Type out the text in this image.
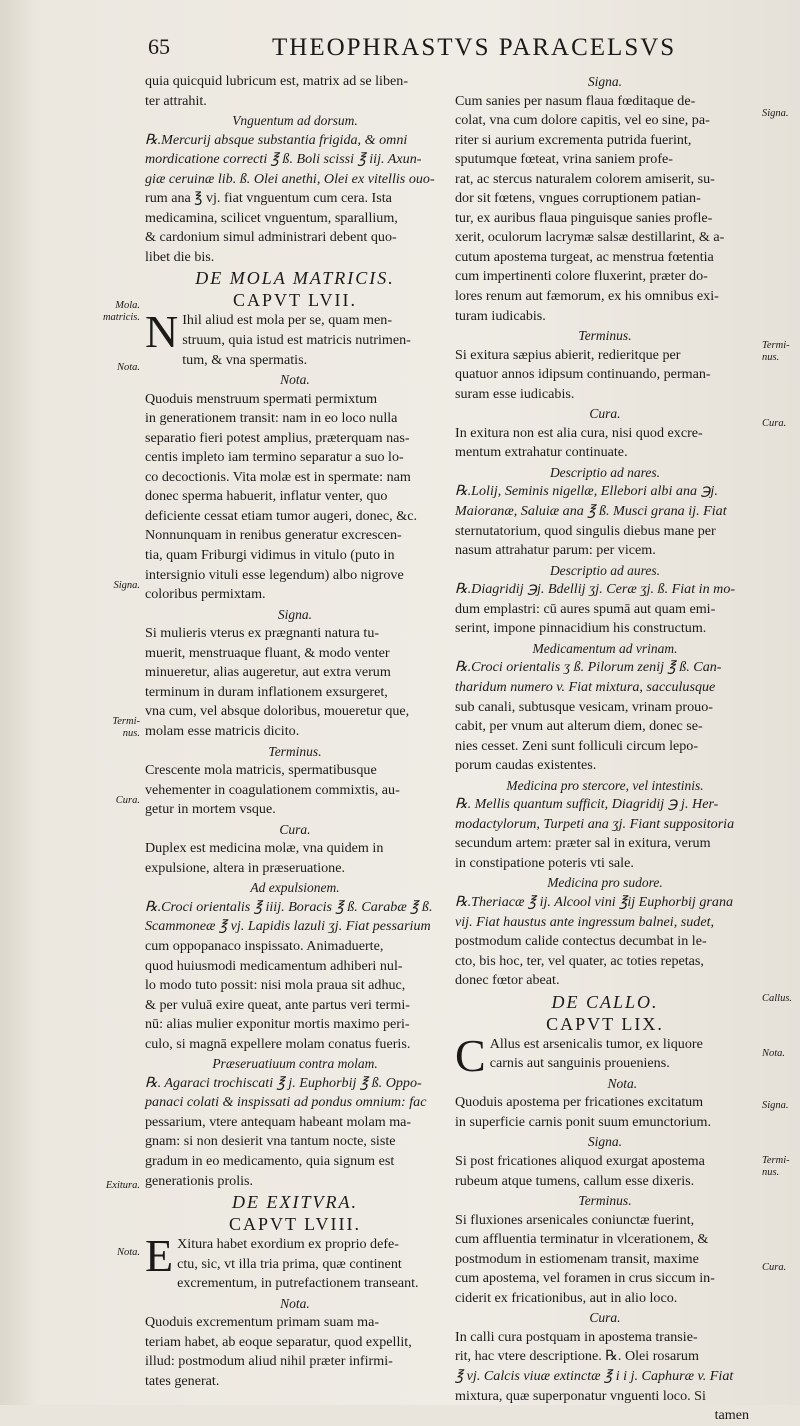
65	THEOPHRASTVS PARACELSVS
quia quicquid lubricum est, matrix ad se liben-
ter attrahit.
Vnguentum ad dorsum.
℞.Mercurij absque substantia frigida, & omni
mordicatione correcti ℥ ß. Boli scissi ℥ iij. Axun-
giæ ceruinæ lib. ß. Olei anethi, Olei ex vitellis ouo-
rum ana ℥ vj. fiat vnguentum cum cera. Ista
medicamina, scilicet vnguentum, sparallium,
& cardonium simul administrari debent quo-
libet die bis.
DE MOLA MATRICIS.
CAPVT LVII.
N Ihil aliud est mola per se, quam men-
struum, quia istud est matricis nutrimen-
tum, & vna spermatis.
Nota.
Quoduis menstruum spermati permixtum
in generationem transit: nam in eo loco nulla
separatio fieri potest amplius, præterquam nas-
centis impleto iam termino separatur a suo lo-
co decoctionis. Vita molæ est in spermate: nam
donec sperma habuerit, inflatur venter, quo
deficiente cessat etiam tumor augeri, donec, &c.
Nonnunquam in renibus generatur excrescen-
tia, quam Friburgi vidimus in vitulo (puto in
intersignio vituli esse legendum) albo nigrove
coloribus permixtam.
Signa.
Si mulieris vterus ex prægnanti natura tu-
muerit, menstruaque fluant, & modo venter
minueretur, alias augeretur, aut extra verum
terminum in duram inflationem exsurgeret,
vna cum, vel absque doloribus, moueretur que,
molam esse matricis dicito.
Terminus.
Crescente mola matricis, spermatibusque
vehementer in coagulationem commixtis, au-
getur in mortem vsque.
Cura.
Duplex est medicina molæ, vna quidem in
expulsione, altera in præseruatione.
Ad expulsionem.
℞.Croci orientalis ℥ iiij. Boracis ℥ ß. Carabæ ℥ ß.
Scammoneæ ℥ vj. Lapidis lazuli ʒj. Fiat pessarium
cum oppopanaco inspissato. Animaduerte,
quod huiusmodi medicamentum adhiberi nul-
lo modo tuto possit: nisi mola praua sit adhuc,
& per vuluā exire queat, ante partus veri termi-
nū: alias mulier exponitur mortis maximo peri-
culo, si magnā expellere molam conatus fueris.
Præseruatiuum contra molam.
℞. Agaraci trochiscati ℥ j. Euphorbij ℥ ß. Oppo-
panaci colati & inspissati ad pondus omnium: fac
pessarium, vtere antequam habeant molam ma-
gnam: si non desierit vna tantum nocte, siste
gradum in eo medicamento, quia signum est
generationis prolis.
DE EXITVRA.
CAPVT LVIII.
E Xitura habet exordium ex proprio defe-
ctu, sic, vt illa tria prima, quæ continent
excrementum, in putrefactionem transeant.
Nota.
Quoduis excrementum primam suam ma-
teriam habet, ab eoque separatur, quod expellit,
illud: postmodum aliud nihil præter infirmi-
tates generat.
Signa.
Cum sanies per nasum flaua fœditaque de-
colat, vna cum dolore capitis, vel eo sine, pa-
riter si aurium excrementa putrida fuerint,
sputumque fœteat, vrina saniem profe-
rat, ac stercus naturalem colorem amiserit, su-
dor sit fœtens, vngues corruptionem patian-
tur, ex auribus flaua pinguisque sanies profle-
xerit, oculorum lacrymæ salsæ destillarint, & a-
cutum apostema turgeat, ac menstrua fœtentia
cum impertinenti colore fluxerint, præter do-
lores renum aut fæmorum, ex his omnibus exi-
turam iudicabis.
Terminus.
Si exitura sæpius abierit, redieritque per
quatuor annos idipsum continuando, perman-
suram esse iudicabis.
Cura.
In exitura non est alia cura, nisi quod excre-
mentum extrahatur continuate.
Descriptio ad nares.
℞.Lolij, Seminis nigellæ, Ellebori albi ana ℈j.
Maioranæ, Saluiæ ana ℥ ß. Musci grana ij. Fiat
sternutatorium, quod singulis diebus mane per
nasum attrahatur parum: per vicem.
Descriptio ad aures.
℞.Diagridij ℈j. Bdellij ʒj. Ceræ ʒj. ß. Fiat in mo-
dum emplastri: cū aures spumā aut quam emi-
serint, impone pinnacidium his constructum.
Medicamentum ad vrinam.
℞.Croci orientalis ʒ ß. Pilorum zenij ℥ ß. Can-
tharidum numero v. Fiat mixtura, sacculusque
sub canali, subtusque vesicam, vrinam prouo-
cabit, per vnum aut alterum diem, donec se-
nies cesset. Zeni sunt folliculi circum lepo-
porum caudas existentes.
Medicina pro stercore, vel intestinis.
℞. Mellis quantum sufficit, Diagridij ℈ j. Her-
modactylorum, Turpeti ana ʒj. Fiant suppositoria
secundum artem: præter sal in exitura, verum
in constipatione poteris vti sale.
Medicina pro sudore.
℞.Theriacæ ℥ ij. Alcool vini ℥ij Euphorbij grana
vij. Fiat haustus ante ingressum balnei, sudet,
postmodum calide contectus decumbat in le-
cto, bis hoc, ter, vel quater, ac toties repetas,
donec fœtor abeat.
DE CALLO.
CAPVT LIX.
C Allus est arsenicalis tumor, ex liquore
carnis aut sanguinis proueniens.
Nota.
Quoduis apostema per fricationes excitatum
in superficie carnis ponit suum emunctorium.
Signa.
Si post fricationes aliquod exurgat apostema
rubeum atque tumens, callum esse dixeris.
Terminus.
Si fluxiones arsenicales coniunctæ fuerint,
cum affluentia terminatur in vlcerationem, &
postmodum in estiomenam transit, maxime
cum apostema, vel foramen in crus siccum in-
ciderit ex fricationibus, aut in alio loco.
Cura.
In calli cura postquam in apostema transie-
rit, hac vtere descriptione. ℞. Olei rosarum
℥ vj. Calcis viuæ extinctæ ℥ i i j. Caphuræ v. Fiat
mixtura, quæ superponatur vnguenti loco. Si
tamen
Mola.
matricis.
Nota.
Signa.
Termi-
nus.
Cura.
Exitura.
Nota.
Signa.
Termi-
nus.
Cura.
Callus.
Nota.
Signa.
Termi-
nus.
Cura.
